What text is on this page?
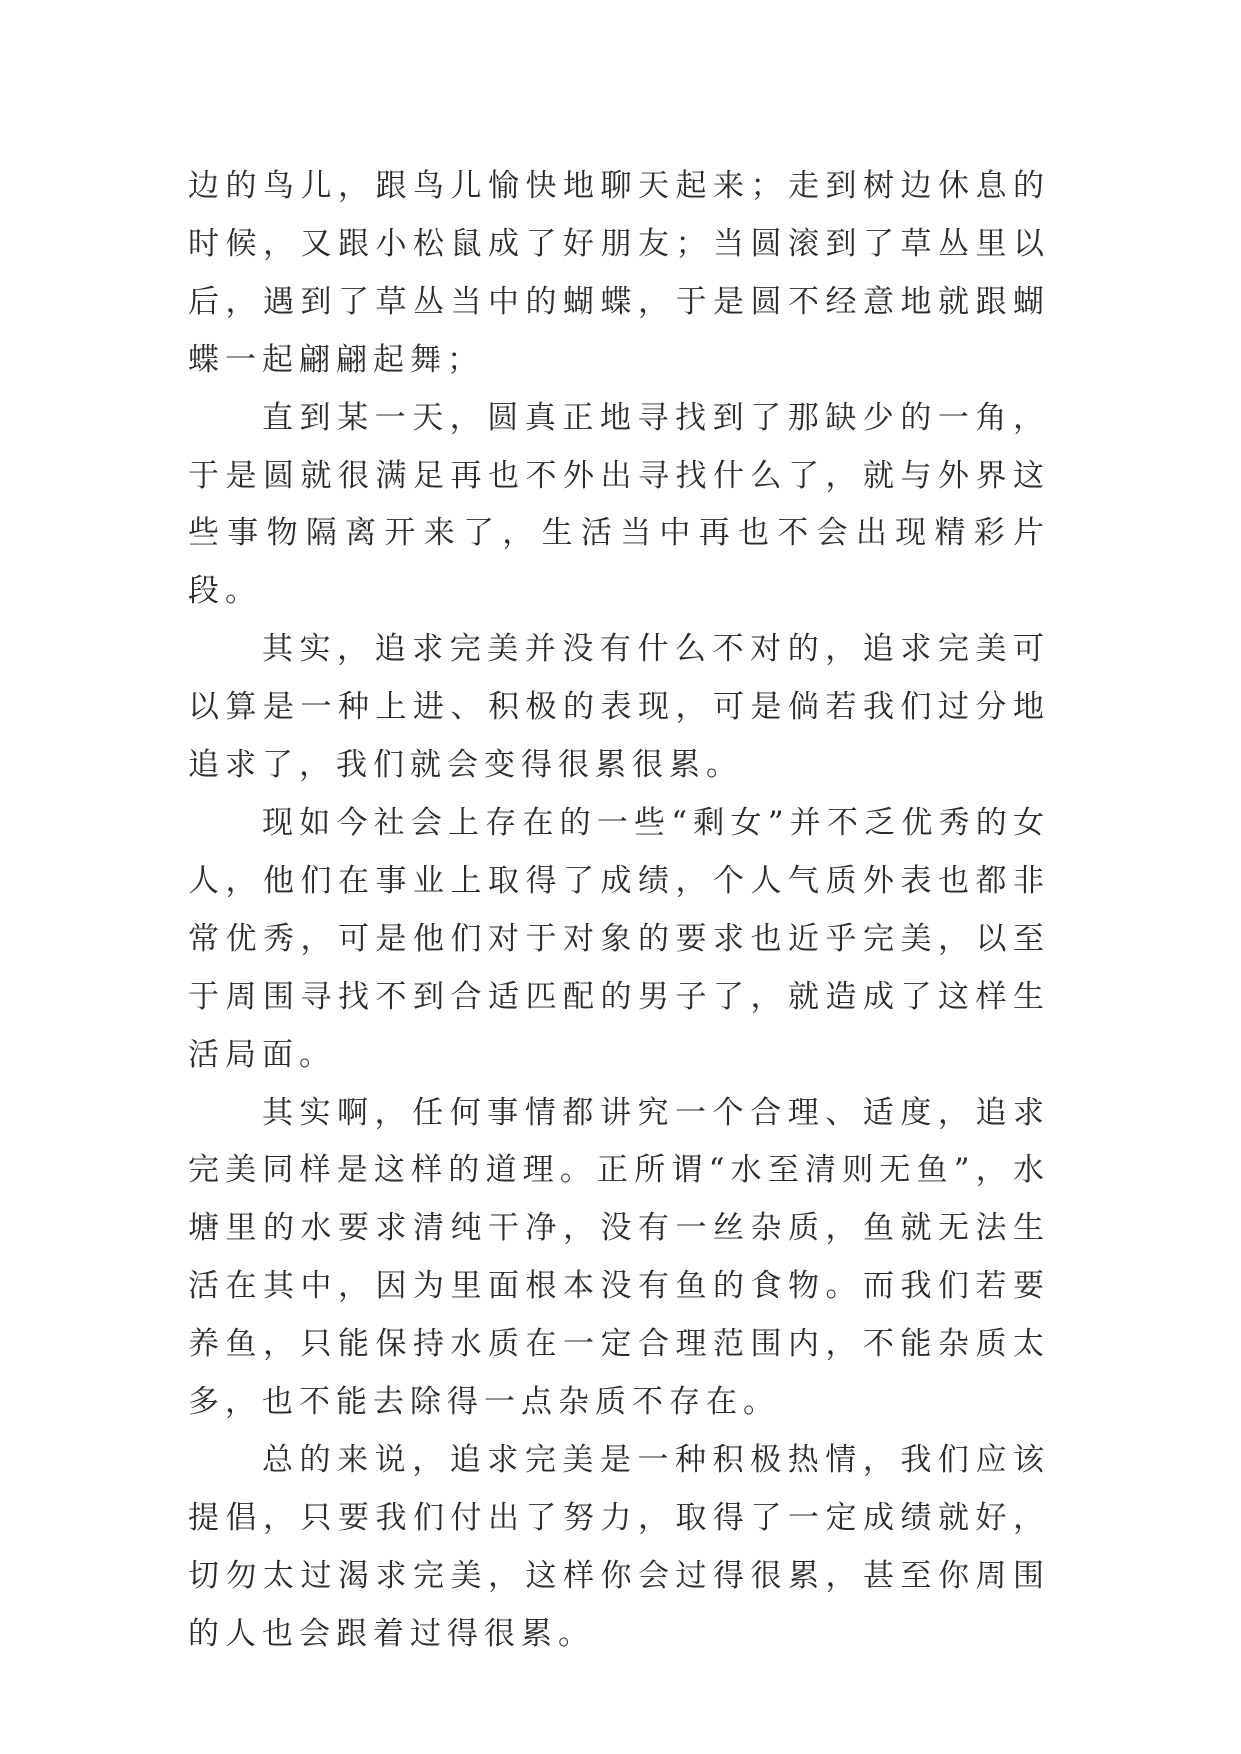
边的鸟儿，跟鸟儿愉快地聊天起来；走到树边休息的时候，又跟小松鼠成了好朋友；当圆滚到了草丛里以后，遇到了草丛当中的蝴蝶，于是圆不经意地就跟蝴蝶一起翩翩起舞；

直到某一天，圆真正地寻找到了那缺少的一角，于是圆就很满足再也不外出寻找什么了，就与外界这些事物隔离开来了，生活当中再也不会出现精彩片段。

其实，追求完美并没有什么不对的，追求完美可以算是一种上进、积极的表现，可是倘若我们过分地追求了，我们就会变得很累很累。

现如今社会上存在的一些“剩女”并不乏优秀的女人，他们在事业上取得了成绩，个人气质外表也都非常优秀，可是他们对于对象的要求也近乎完美，以至于周围寻找不到合适匹配的男子了，就造成了这样生活局面。

其实啊，任何事情都讲究一个合理、适度，追求完美同样是这样的道理。正所谓“水至清则无鱼”，水塘里的水要求清纯干净，没有一丝杂质，鱼就无法生活在其中，因为里面根本没有鱼的食物。而我们若要养鱼，只能保持水质在一定合理范围内，不能杂质太多，也不能去除得一点杂质不存在。

总的来说，追求完美是一种积极热情，我们应该提倡，只要我们付出了努力，取得了一定成绩就好，切勿太过渴求完美，这样你会过得很累，甚至你周围的人也会跟着过得很累。
